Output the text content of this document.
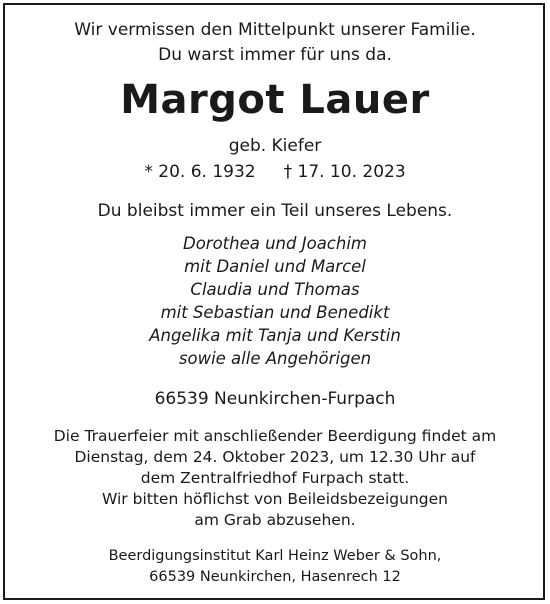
Wir vermissen den Mittelpunkt unserer Familie.
Du warst immer für uns da.
Margot Lauer
geb. Kiefer
* 20. 6. 1932 † 17. 10. 2023
Du bleibst immer ein Teil unseres Lebens.
Dorothea und Joachim
mit Daniel und Marcel
Claudia und Thomas
mit Sebastian und Benedikt
Angelika mit Tanja und Kerstin
sowie alle Angehörigen
66539 Neunkirchen-Furpach
Die Trauerfeier mit anschließender Beerdigung findet am
Dienstag, dem 24. Oktober 2023, um 12.30 Uhr auf
dem Zentralfriedhof Furpach statt.
Wir bitten höflichst von Beileidsbezeigungen
am Grab abzusehen.
Beerdigungsinstitut Karl Heinz Weber & Sohn,
66539 Neunkirchen, Hasenrech 12
